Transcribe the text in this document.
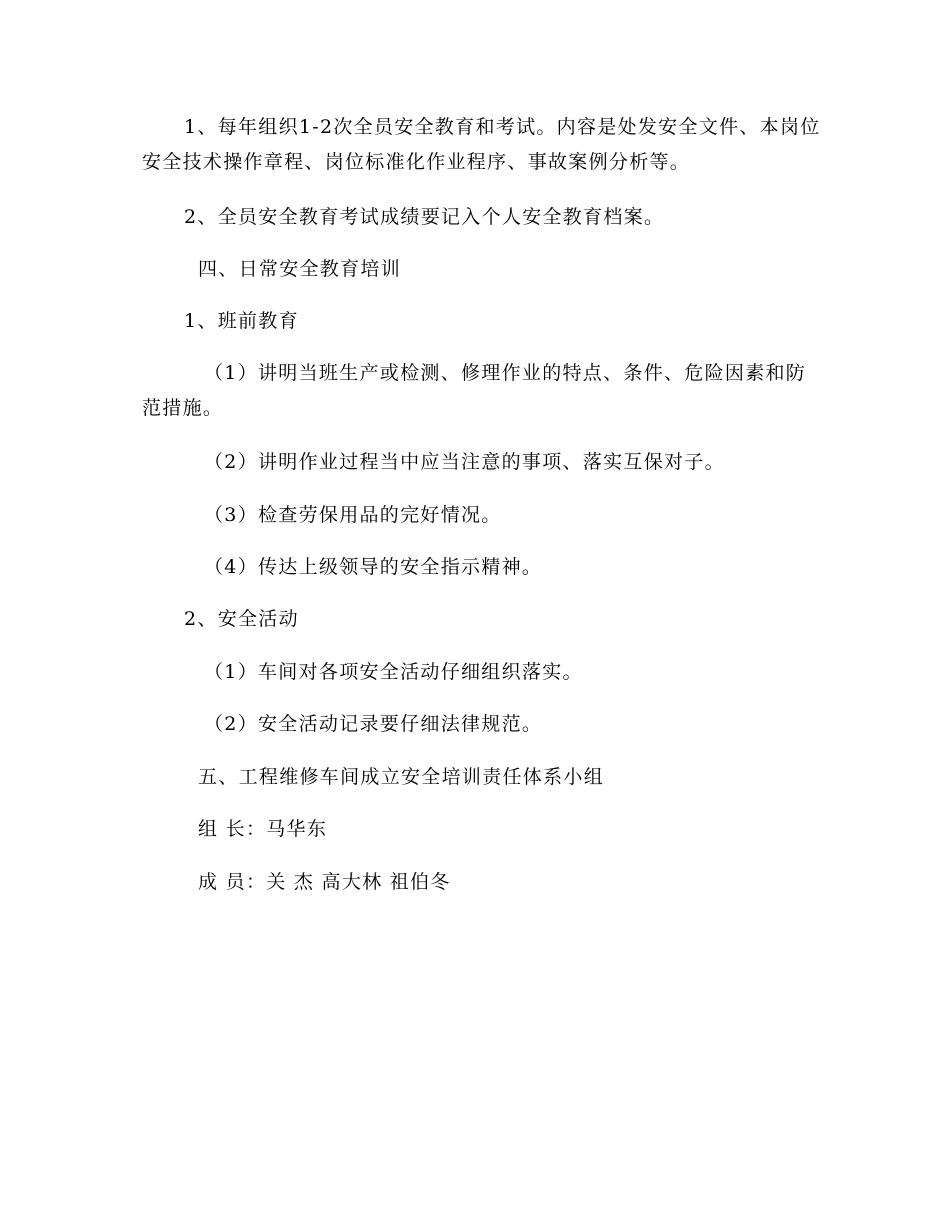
1、每年组织1-2次全员安全教育和考试。内容是处发安全文件、本岗位安全技术操作章程、岗位标准化作业程序、事故案例分析等。

2、全员安全教育考试成绩要记入个人安全教育档案。

四、日常安全教育培训

1、班前教育

（1）讲明当班生产或检测、修理作业的特点、条件、危险因素和防范措施。

（2）讲明作业过程当中应当注意的事项、落实互保对子。

（3）检查劳保用品的完好情况。

（4）传达上级领导的安全指示精神。

2、安全活动

（1）车间对各项安全活动仔细组织落实。

（2）安全活动记录要仔细法律规范。

五、工程维修车间成立安全培训责任体系小组

组 长：马华东

成 员：关 杰 高大林 祖伯冬
